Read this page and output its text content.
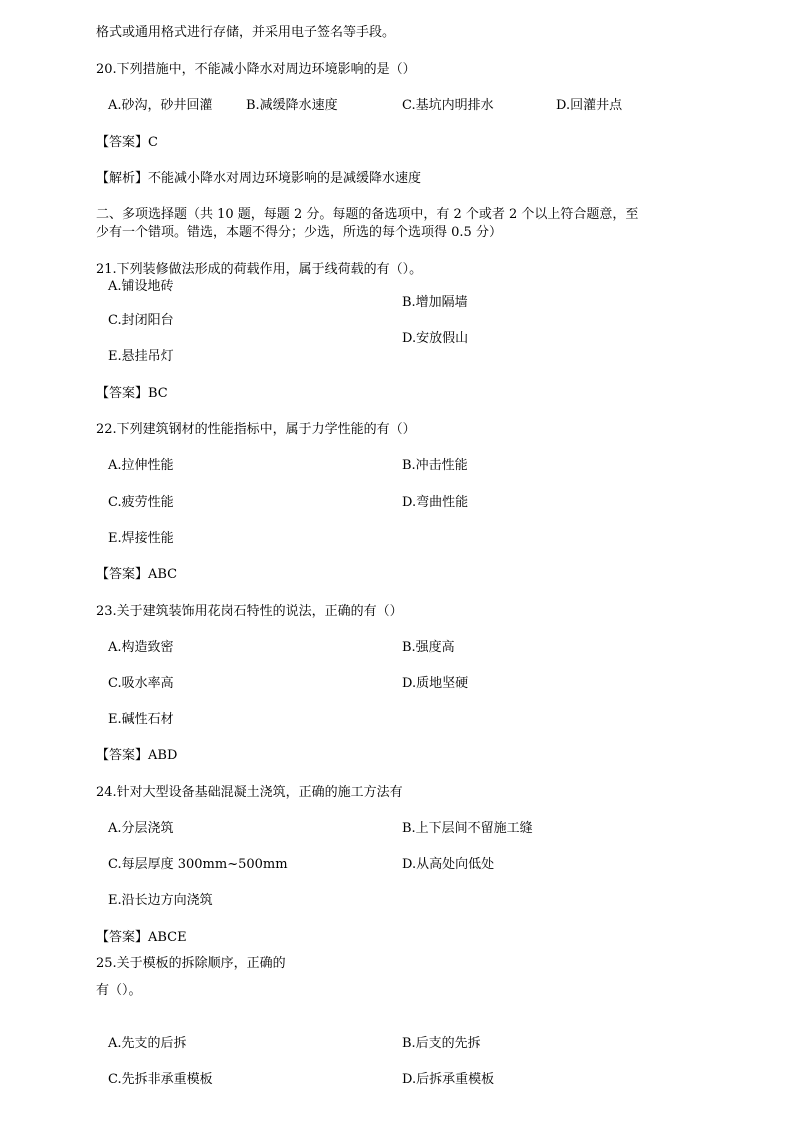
格式或通用格式进行存储，并采用电子签名等手段。
20.下列措施中，不能减小降水对周边环境影响的是（）
A.砂沟，砂井回灌	B.减缓降水速度	C.基坑内明排水	D.回灌井点
【答案】C
【解析】不能减小降水对周边环境影响的是减缓降水速度
二、多项选择题（共 10 题，每题 2 分。每题的备选项中，有 2 个或者 2 个以上符合题意，至
少有一个错项。错选，本题不得分；少选，所选的每个选项得 0.5 分）
21.下列装修做法形成的荷载作用，属于线荷载的有（）。
A.铺设地砖
B.增加隔墙
C.封闭阳台
D.安放假山
E.悬挂吊灯
【答案】BC
22.下列建筑钢材的性能指标中，属于力学性能的有（）
A.拉伸性能	B.冲击性能
C.疲劳性能	D.弯曲性能
E.焊接性能
【答案】ABC
23.关于建筑装饰用花岗石特性的说法，正确的有（）
A.构造致密	B.强度高
C.吸水率高	D.质地坚硬
E.碱性石材
【答案】ABD
24.针对大型设备基础混凝土浇筑，正确的施工方法有
A.分层浇筑	B.上下层间不留施工缝
C.每层厚度 300mm~500mm	D.从高处向低处
E.沿长边方向浇筑
【答案】ABCE
25.关于模板的拆除顺序，正确的
有（）。
A.先支的后拆	B.后支的先拆
C.先拆非承重模板	D.后拆承重模板
